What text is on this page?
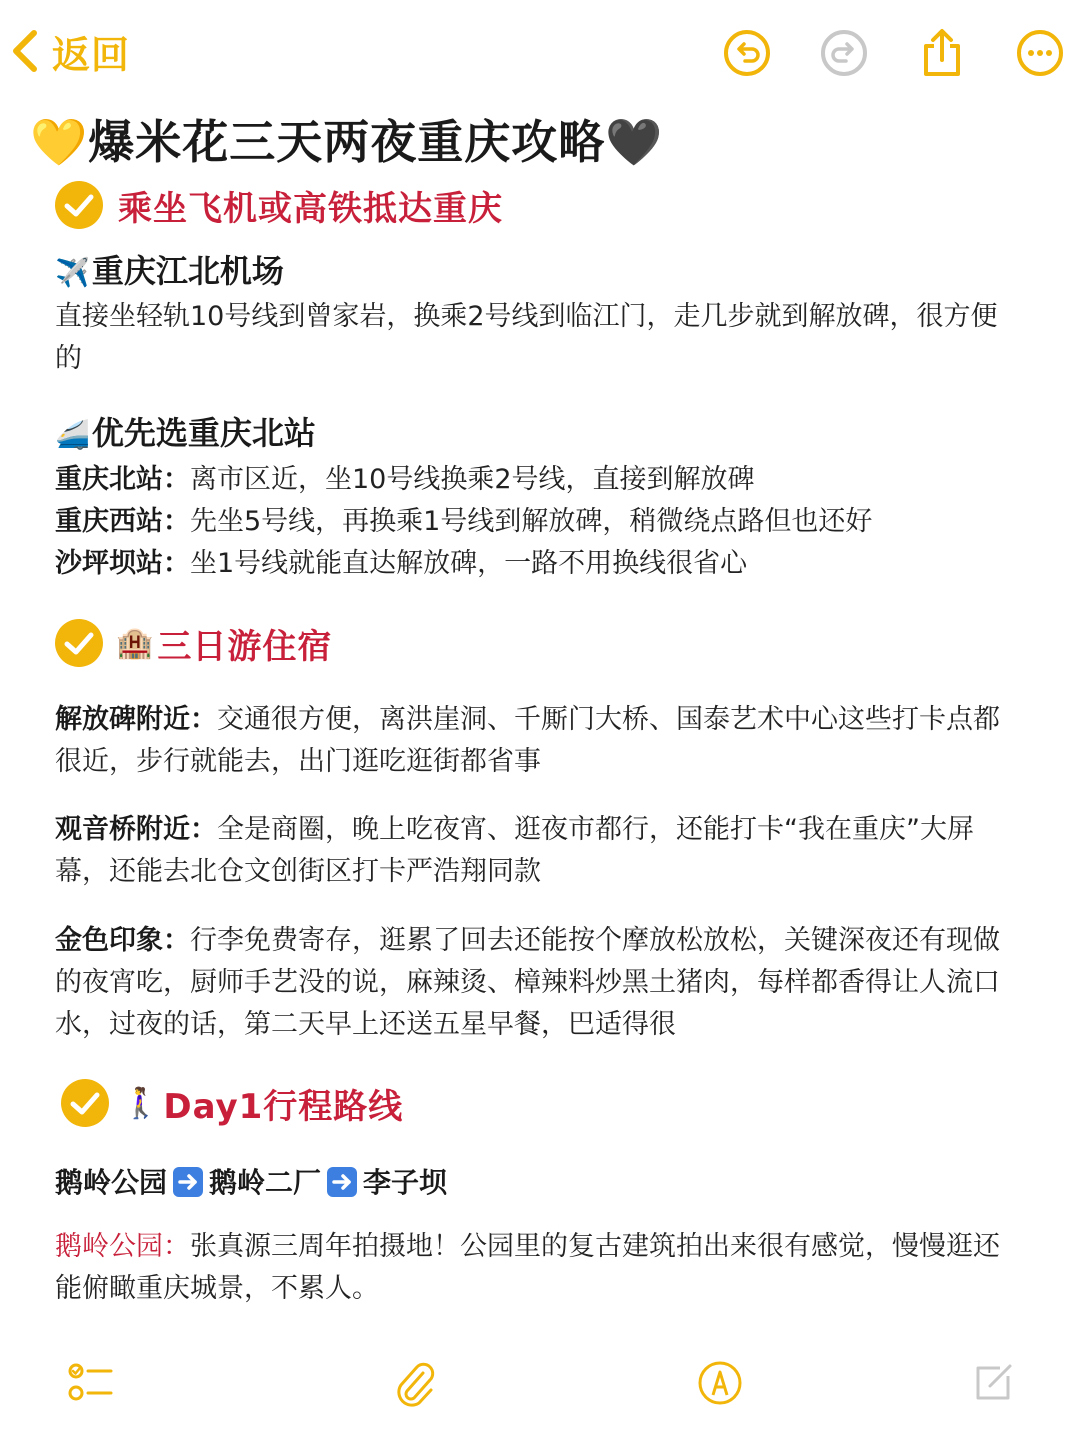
返回
💛爆米花三天两夜重庆攻略🖤
乘坐飞机或高铁抵达重庆
✈️重庆江北机场
直接坐轻轨10号线到曾家岩，换乘2号线到临江门，走几步就到解放碑，很方便的
🚄优先选重庆北站
重庆北站：离市区近，坐10号线换乘2号线，直接到解放碑
重庆西站：先坐5号线，再换乘1号线到解放碑，稍微绕点路但也还好
沙坪坝站：坐1号线就能直达解放碑，一路不用换线很省心
🏨 三日游住宿
解放碑附近：交通很方便，离洪崖洞、千厮门大桥、国泰艺术中心这些打卡点都很近，步行就能去，出门逛吃逛街都省事
观音桥附近：全是商圈，晚上吃夜宵、逛夜市都行，还能打卡“我在重庆”大屏幕，还能去北仓文创街区打卡严浩翔同款
金色印象：行李免费寄存，逛累了回去还能按个摩放松放松，关键深夜还有现做的夜宵吃，厨师手艺没的说，麻辣烫、樟辣料炒黑土猪肉，每样都香得让人流口水，过夜的话，第二天早上还送五星早餐，巴适得很
🚶‍♀️ Day1行程路线
鹅岭公园 鹅岭二厂 李子坝
鹅岭公园：张真源三周年拍摄地！公园里的复古建筑拍出来很有感觉，慢慢逛还能俯瞰重庆城景，不累人。
